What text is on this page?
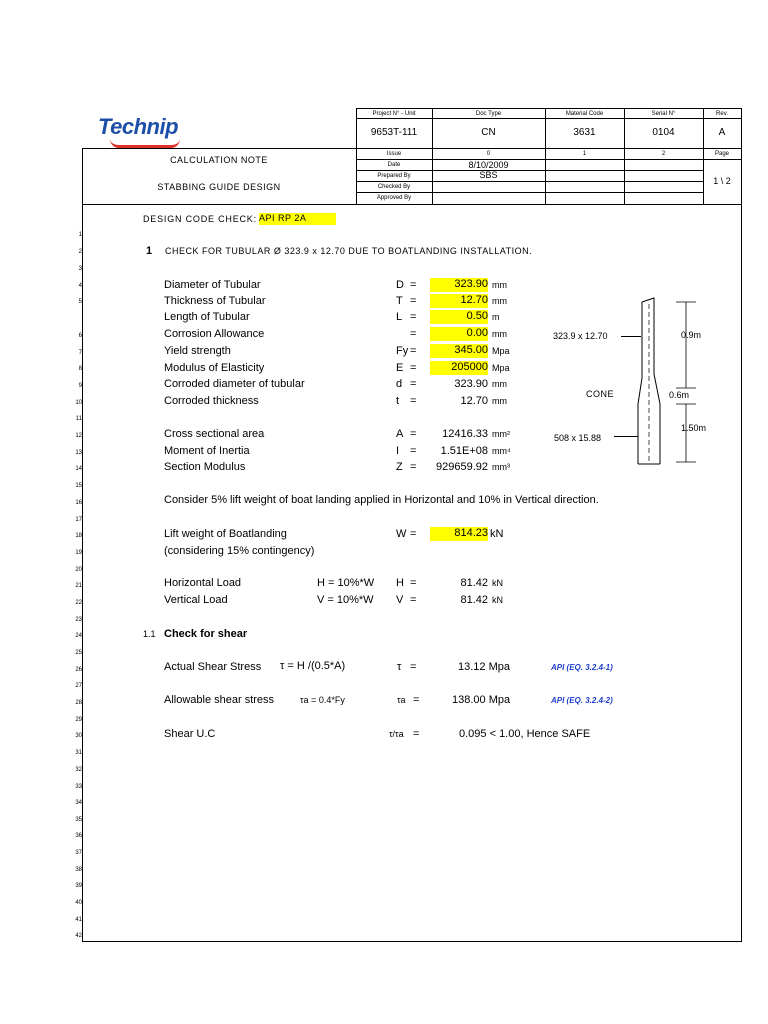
Technip	Project N° - Unit	Doc Type	Material Code	Serial N°	Rev.
9653T-111	CN	3631	0104	A
CALCULATION NOTE
STABBING GUIDE DESIGN
Issue	0	1	2	Page
Date	8/10/2009
Prepared By	SBS
Checked By
Approved By
1 \ 2
1
2
3
4
5
6
7
8
9
10
11
12
13
14
15
16
17
18
19
20
21
22
23
24
25
26
27
28
29
30
31
32
33
34
35
36
37
38
39
40
41
42
DESIGN CODE CHECK: API RP 2A
1 CHECK FOR TUBULAR Ø 323.9 x 12.70 DUE TO BOATLANDING INSTALLATION.
Diameter of Tubular	D =	323.90 mm
Thickness of Tubular	T =	12.70 mm
Length of Tubular	L =	0.50 m
Corrosion Allowance	=	0.00 mm
Yield strength	Fy =	345.00 Mpa
Modulus of Elasticity	E =	205000 Mpa
Corroded diameter of tubular	d =	323.90 mm
Corroded thickness	t =	12.70 mm
Cross sectional area	A =	12416.33 mm²
Moment of Inertia	I =	1.51E+08 mm⁴
Section Modulus	Z =	929659.92 mm³
Consider 5% lift weight of boat landing applied in Horizontal and 10% in Vertical direction.
Lift weight of Boatlanding	W =	814.23 kN
(considering 15% contingency)
Horizontal Load	H = 10%*W H =	81.42 kN
Vertical Load	V = 10%*W V =	81.42 kN
1.1 Check for shear
Actual Shear Stress τ = H /(0.5*A)	τ =	13.12 Mpa	API (EQ. 3.2.4-1)
Allowable shear stress	τa = 0.4*Fy	τa =	138.00 Mpa	API (EQ. 3.2.4-2)
Shear U.C	τ/τa =	0.095 < 1.00, Hence SAFE
323.9 x 12.70
CONE
508 x 15.88
0.9m
0.6m
1.50m
